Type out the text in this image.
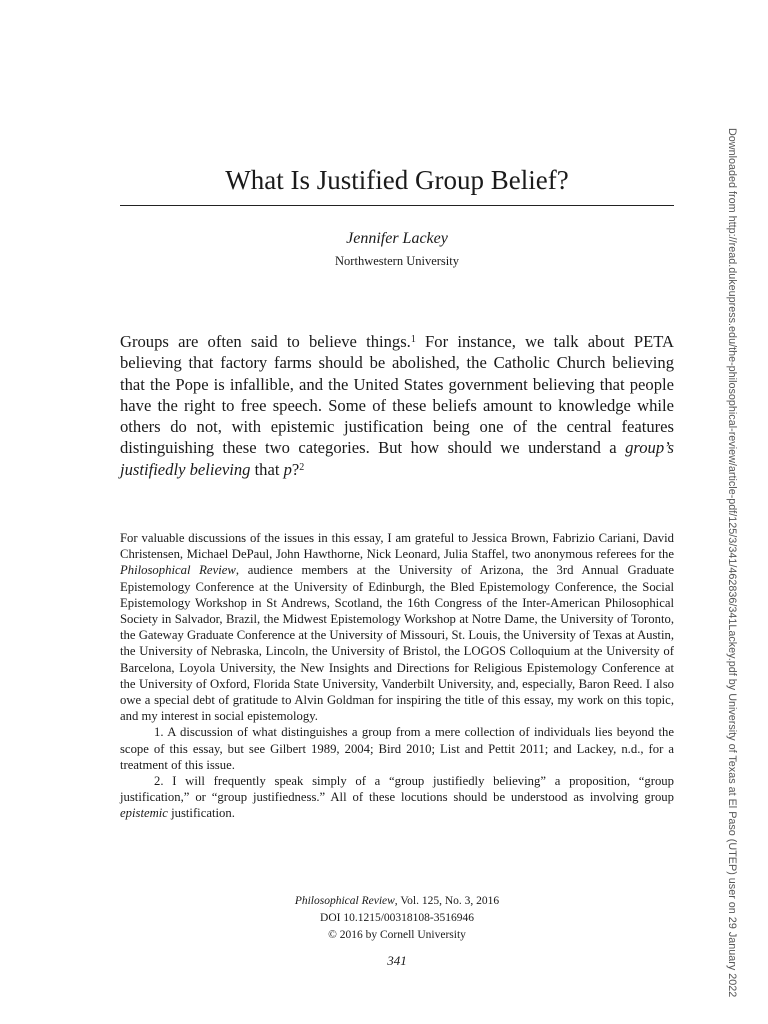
What Is Justified Group Belief?
Jennifer Lackey
Northwestern University

Groups are often said to believe things.$^1$ For instance, we talk about PETA believing that factory farms should be abolished, the Catholic Church believing that the Pope is infallible, and the United States government believing that people have the right to free speech. Some of these beliefs amount to knowledge while others do not, with epistemic justification being one of the central features distinguishing these two categories. But how should we understand a group’s justifiedly believing that p?$^2$

For valuable discussions of the issues in this essay, I am grateful to Jessica Brown, Fabrizio Cariani, David Christensen, Michael DePaul, John Hawthorne, Nick Leonard, Julia Staffel, two anonymous referees for the Philosophical Review, audience members at the University of Arizona, the 3rd Annual Graduate Epistemology Conference at the University of Edinburgh, the Bled Epistemology Conference, the Social Epistemology Workshop in St Andrews, Scotland, the 16th Congress of the Inter-American Philosophical Society in Salvador, Brazil, the Midwest Epistemology Workshop at Notre Dame, the University of Toronto, the Gateway Graduate Conference at the University of Missouri, St. Louis, the University of Texas at Austin, the University of Nebraska, Lincoln, the University of Bristol, the LOGOS Colloquium at the University of Barcelona, Loyola University, the New Insights and Directions for Religious Epistemology Conference at the University of Oxford, Florida State University, Vanderbilt University, and, especially, Baron Reed. I also owe a special debt of gratitude to Alvin Goldman for inspiring the title of this essay, my work on this topic, and my interest in social epistemology.

1. A discussion of what distinguishes a group from a mere collection of individuals lies beyond the scope of this essay, but see Gilbert 1989, 2004; Bird 2010; List and Pettit 2011; and Lackey, n.d., for a treatment of this issue.

2. I will frequently speak simply of a “group justifiedly believing” a proposition, “group justification,” or “group justifiedness.” All of these locutions should be understood as involving group epistemic justification.

Philosophical Review, Vol. 125, No. 3, 2016
DOI 10.1215/00318108-3516946
© 2016 by Cornell University
341	Downloaded from http://read.dukeupress.edu/the-philosophical-review/article-pdf/125/3/341/462836/341Lackey.pdf by University of Texas at El Paso (UTEP) user on 29 January 2022
